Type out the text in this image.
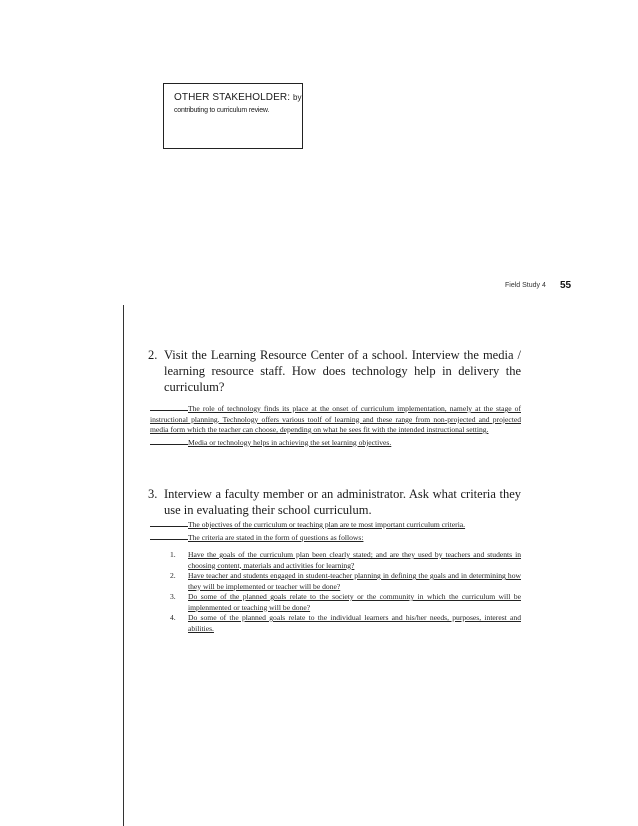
OTHER STAKEHOLDER: by
contributing to curriculum review.
Field Study 4 55
2. Visit the Learning Resource Center of a school. Interview the media / learning resource staff. How does technology help in delivery the curriculum?
The role of technology finds its place at the onset of curriculum implementation, namely at the stage of instructional planning. Technology offers various toolf of learning and these range from non-projected and projected media form which the teacher can choose, depending on what he sees fit with the intended instructional setting.
Media or technology helps in achieving the set learning objectives.
3. Interview a faculty member or an administrator. Ask what criteria they use in evaluating their school curriculum.
The objectives of the curriculum or teaching plan are te most important curriculum criteria.
The criteria are stated in the form of questions as follows:
1. Have the goals of the curriculum plan been clearly stated; and are they used by teachers and students in choosing content, materials and activities for learning?
2. Have teacher and students engaged in student-teacher planning in defining the goals and in determining how they will be implemented or teacher will be done?
3. Do some of the planned goals relate to the society or the community in which the curriculum will be implenmented or teaching will be done?
4. Do some of the planned goals relate to the individual learners and his/her needs, purposes, interest and abilities.
